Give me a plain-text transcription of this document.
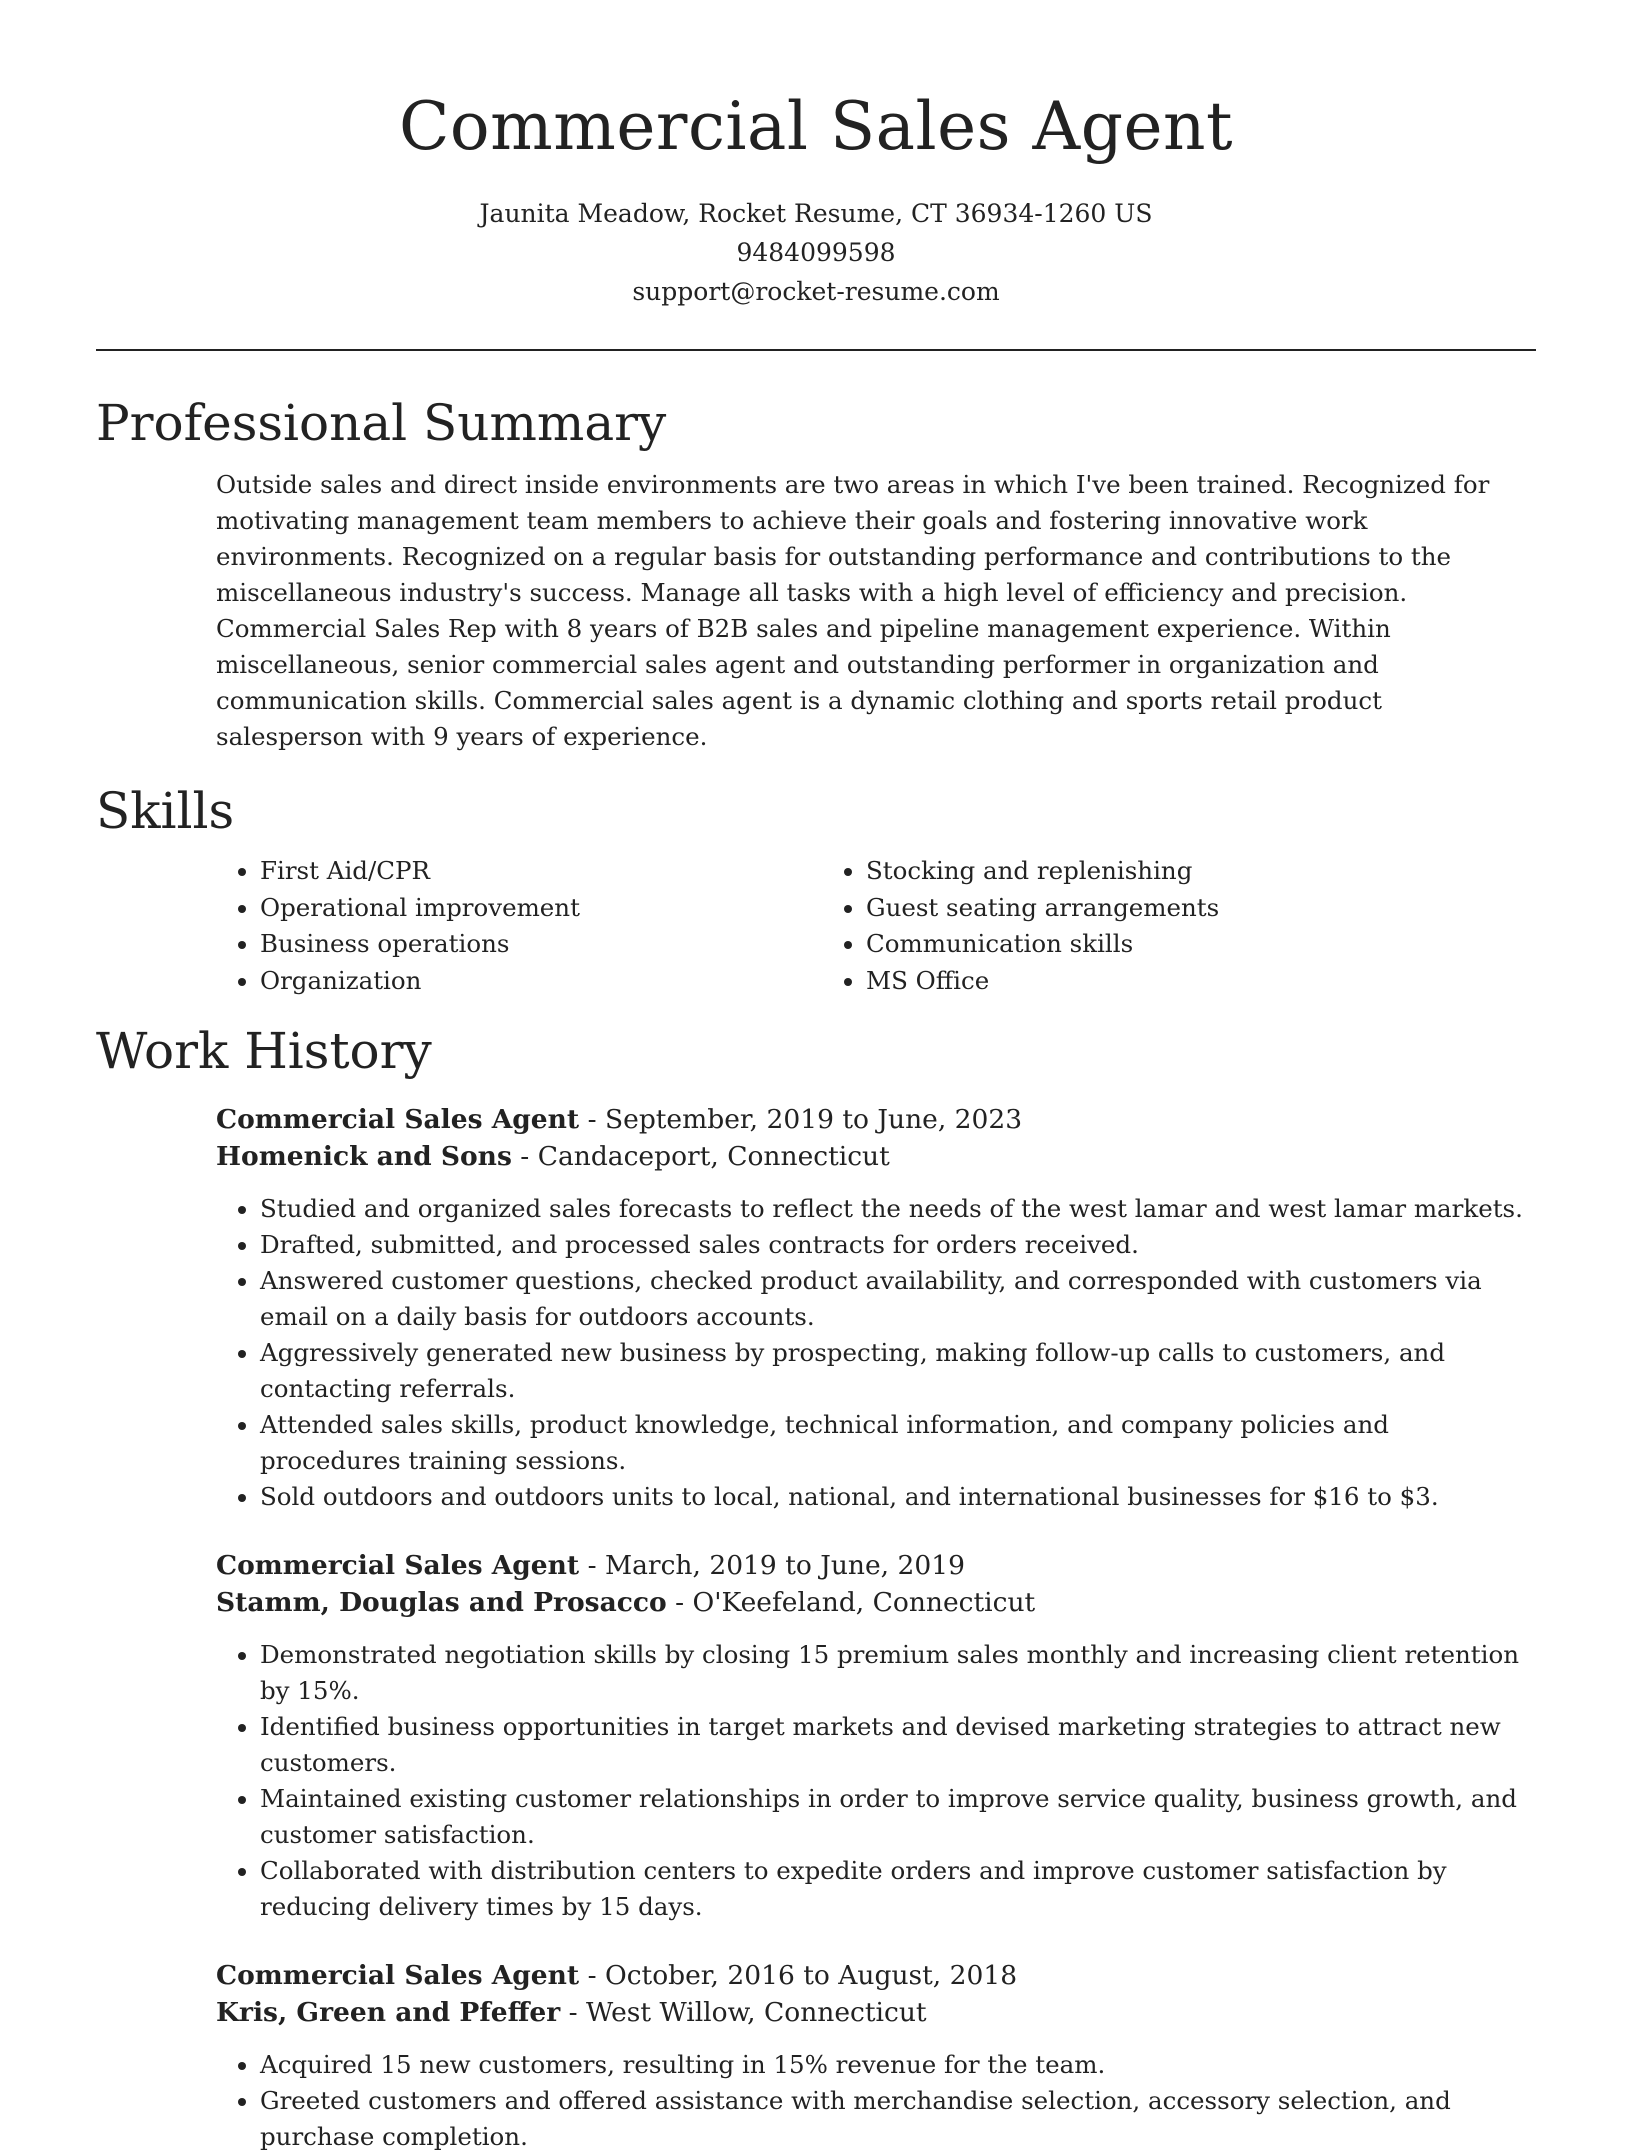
Commercial Sales Agent
Jaunita Meadow, Rocket Resume, CT 36934-1260 US
9484099598
support@rocket-resume.com
Professional Summary

Outside sales and direct inside environments are two areas in which I've been trained. Recognized for motivating management team members to achieve their goals and fostering innovative work environments. Recognized on a regular basis for outstanding performance and contributions to the miscellaneous industry's success. Manage all tasks with a high level of efficiency and precision. Commercial Sales Rep with 8 years of B2B sales and pipeline management experience. Within miscellaneous, senior commercial sales agent and outstanding performer in organization and communication skills. Commercial sales agent is a dynamic clothing and sports retail product salesperson with 9 years of experience.

Skills
• First Aid/CPR
• Operational improvement
• Business operations
• Organization
• Stocking and replenishing
• Guest seating arrangements
• Communication skills
• MS Office
Work History
Commercial Sales Agent - September, 2019 to June, 2023
Homenick and Sons - Candaceport, Connecticut
• Studied and organized sales forecasts to reflect the needs of the west lamar and west lamar markets.
• Drafted, submitted, and processed sales contracts for orders received.
• Answered customer questions, checked product availability, and corresponded with customers via email on a daily basis for outdoors accounts.
• Aggressively generated new business by prospecting, making follow-up calls to customers, and contacting referrals.
• Attended sales skills, product knowledge, technical information, and company policies and procedures training sessions.
• Sold outdoors and outdoors units to local, national, and international businesses for $16 to $3.
Commercial Sales Agent - March, 2019 to June, 2019
Stamm, Douglas and Prosacco - O'Keefeland, Connecticut
• Demonstrated negotiation skills by closing 15 premium sales monthly and increasing client retention by 15%.
• Identified business opportunities in target markets and devised marketing strategies to attract new customers.
• Maintained existing customer relationships in order to improve service quality, business growth, and customer satisfaction.
• Collaborated with distribution centers to expedite orders and improve customer satisfaction by reducing delivery times by 15 days.
Commercial Sales Agent - October, 2016 to August, 2018
Kris, Green and Pfeffer - West Willow, Connecticut
• Acquired 15 new customers, resulting in 15% revenue for the team.
• Greeted customers and offered assistance with merchandise selection, accessory selection, and purchase completion.
